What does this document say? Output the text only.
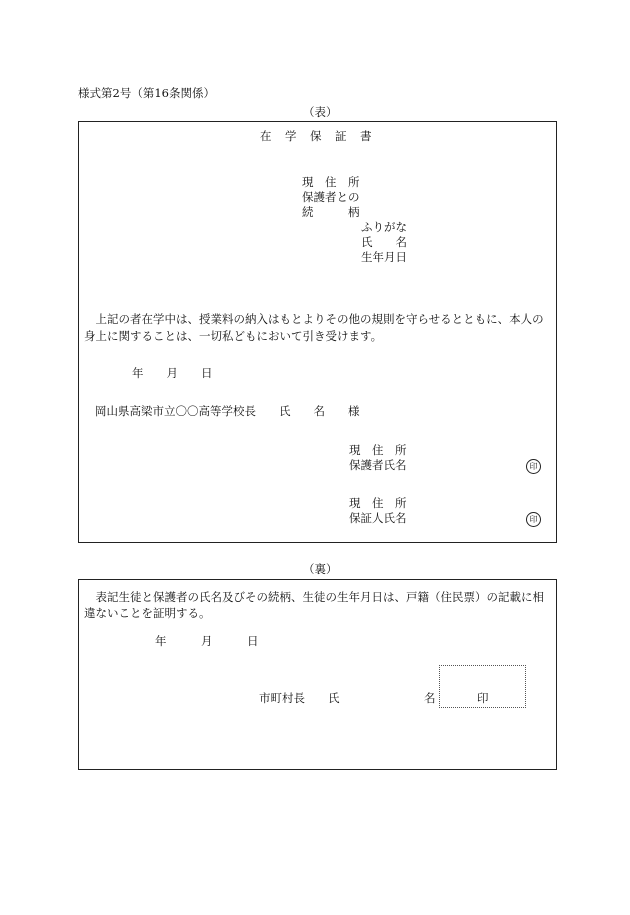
様式第2号（第16条関係）
（表）
在　学　保　証　書
現　住　所
保護者との
続　　　柄
ふりがな
氏　　名
生年月日
上記の者在学中は、授業料の納入はもとよりその他の規則を守らせるとともに、本人の身上に関することは、一切私どもにおいて引き受けます。
年　　月　　日
岡山県高梁市立〇〇高等学校長　　氏　　名　　様
現　住　所
保護者氏名	印
現　住　所
保証人氏名	印
（裏）
表記生徒と保護者の氏名及びその続柄、生徒の生年月日は、戸籍（住民票）の記載に相違ないことを証明する。
年　　　月　　　日
市町村長　　氏	名	印
